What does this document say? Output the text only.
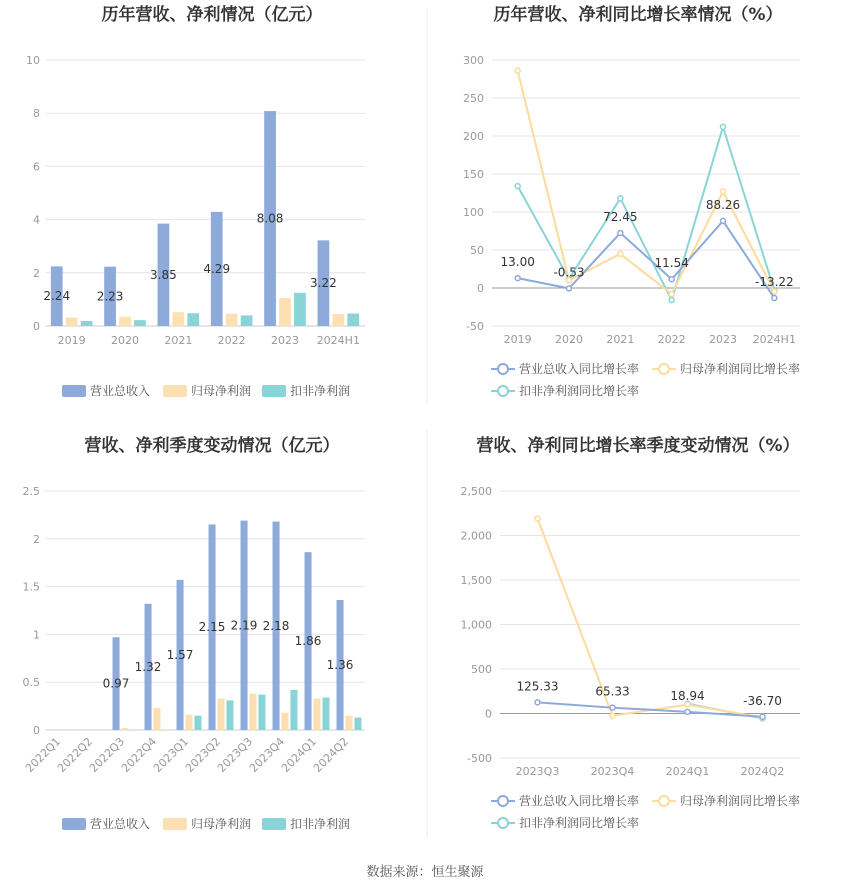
数据来源：恒生聚源
历年营收、净利情况（亿元）
0
2
4
6
8
10
2019 2020 2021 2022 2023 2024H1
2.24 2.23
3.85 4.29
8.08
3.22
营业总收入	归母净利润	扣非净利润
历年营收、净利同比增长率情况（%）
-50
0
50
100
150
200
250
300
2019 2020 2021 2022 2023 2024H1
13.00
-0.53
72.45
11.54
88.26
-13.22
营业总收入同比增长率	归母净利润同比增长率
扣非净利润同比增长率
营收、净利季度变动情况（亿元）
0
0.5
1
1.5
2
2.5
2022Q1
2022Q2
2022Q3
2022Q4
2023Q1
2023Q2
2023Q3
2023Q4
2024Q1
2024Q2
0.97
1.32
1.57
2.15 2.19 2.18
1.86
1.36
营业总收入	归母净利润	扣非净利润
营收、净利同比增长率季度变动情况（%）
-500
0
500
1,000
1,500
2,000
2,500
2023Q3	2023Q4	2024Q1	2024Q2
125.33	65.33	18.94	-36.70
营业总收入同比增长率	归母净利润同比增长率
扣非净利润同比增长率
